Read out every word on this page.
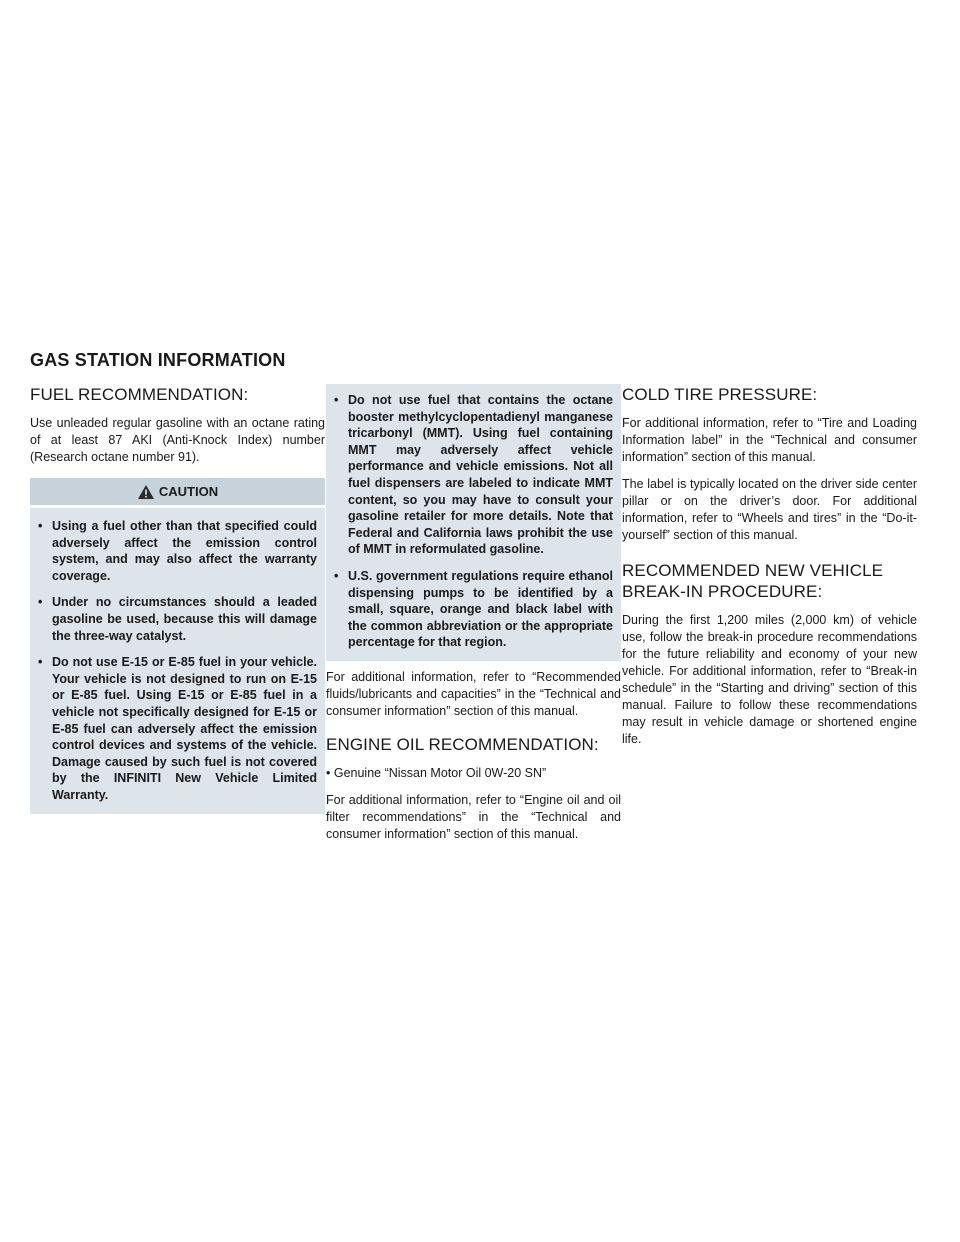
GAS STATION INFORMATION
FUEL RECOMMENDATION:

Use unleaded regular gasoline with an octane rating of at least 87 AKI (Anti-Knock Index) number (Research octane number 91).

CAUTION
• Using a fuel other than that specified could adversely affect the emission control system, and may also affect the warranty coverage.
• Under no circumstances should a leaded gasoline be used, because this will damage the three-way catalyst.
• Do not use E-15 or E-85 fuel in your vehicle. Your vehicle is not designed to run on E-15 or E-85 fuel. Using E-15 or E-85 fuel in a vehicle not specifically designed for E-15 or E-85 fuel can adversely affect the emission control devices and systems of the vehicle. Damage caused by such fuel is not covered by the INFINITI New Vehicle Limited Warranty.
• Do not use fuel that contains the octane booster methylcyclopentadienyl manganese tricarbonyl (MMT). Using fuel containing MMT may adversely affect vehicle performance and vehicle emissions. Not all fuel dispensers are labeled to indicate MMT content, so you may have to consult your gasoline retailer for more details. Note that Federal and California laws prohibit the use of MMT in reformulated gasoline.
• U.S. government regulations require ethanol dispensing pumps to be identified by a small, square, orange and black label with the common abbreviation or the appropriate percentage for that region.

For additional information, refer to “Recommended fluids/lubricants and capacities” in the “Technical and consumer information” section of this manual.

ENGINE OIL RECOMMENDATION:

• Genuine “Nissan Motor Oil 0W-20 SN”

For additional information, refer to “Engine oil and oil filter recommendations” in the “Technical and consumer information” section of this manual.

COLD TIRE PRESSURE:

For additional information, refer to “Tire and Loading Information label” in the “Technical and consumer information” section of this manual.

The label is typically located on the driver side center pillar or on the driver’s door. For additional information, refer to “Wheels and tires” in the “Do-it-yourself” section of this manual.

RECOMMENDED NEW VEHICLE
BREAK-IN PROCEDURE:

During the first 1,200 miles (2,000 km) of vehicle use, follow the break-in procedure recommendations for the future reliability and economy of your new vehicle. For additional information, refer to “Break-in schedule” in the “Starting and driving” section of this manual. Failure to follow these recommendations may result in vehicle damage or shortened engine life.
